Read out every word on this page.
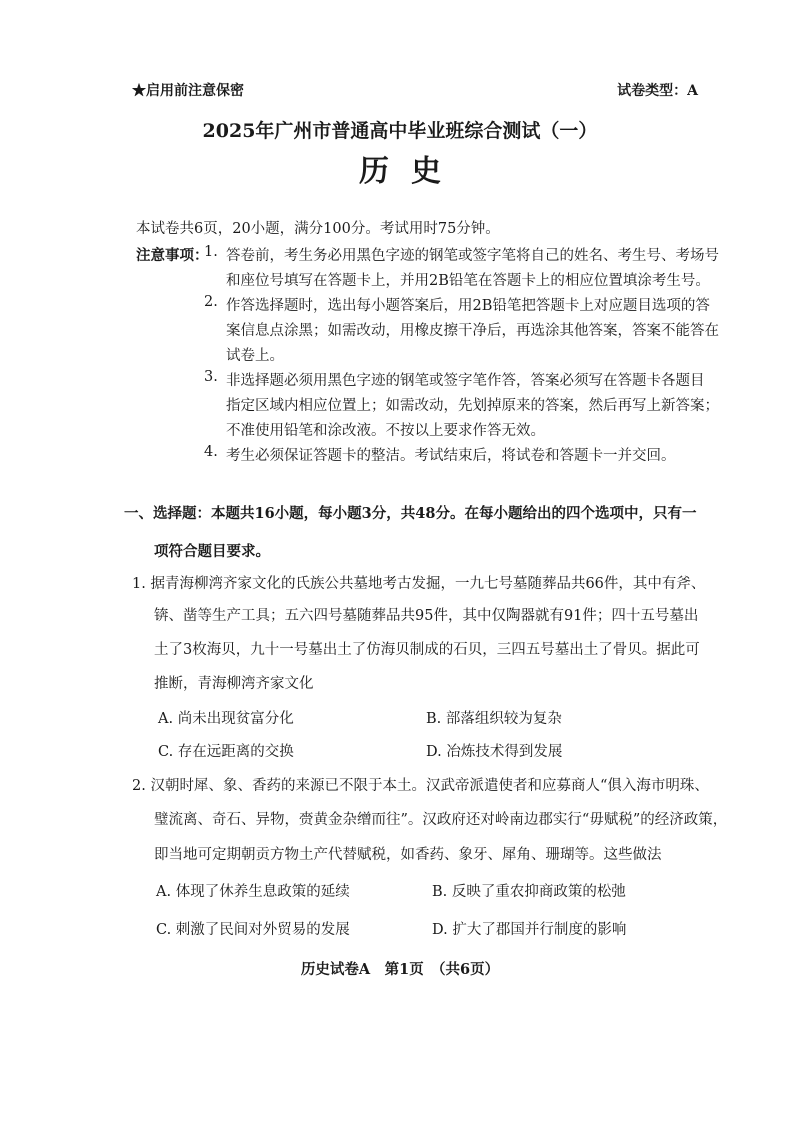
★启用前注意保密	试卷类型：A
2025年广州市普通高中毕业班综合测试（一）
历史
本试卷共6页，20小题，满分100分。考试用时75分钟。
注意事项：
1. 答卷前，考生务必用黑色字迹的钢笔或签字笔将自己的姓名、考生号、考场号
和座位号填写在答题卡上，并用2B铅笔在答题卡上的相应位置填涂考生号。
2. 作答选择题时，选出每小题答案后，用2B铅笔把答题卡上对应题目选项的答
案信息点涂黑；如需改动，用橡皮擦干净后，再选涂其他答案，答案不能答在
试卷上。
3. 非选择题必须用黑色字迹的钢笔或签字笔作答，答案必须写在答题卡各题目
指定区域内相应位置上；如需改动，先划掉原来的答案，然后再写上新答案；
不准使用铅笔和涂改液。不按以上要求作答无效。
4. 考生必须保证答题卡的整洁。考试结束后，将试卷和答题卡一并交回。
一、选择题：本题共16小题，每小题3分，共48分。在每小题给出的四个选项中，只有一
项符合题目要求。
1. 据青海柳湾齐家文化的氏族公共墓地考古发掘，一九七号墓随葬品共66件，其中有斧、
锛、凿等生产工具；五六四号墓随葬品共95件，其中仅陶器就有91件；四十五号墓出
土了3枚海贝，九十一号墓出土了仿海贝制成的石贝，三四五号墓出土了骨贝。据此可
推断，青海柳湾齐家文化
A. 尚未出现贫富分化	B. 部落组织较为复杂
C. 存在远距离的交换	D. 冶炼技术得到发展
2. 汉朝时犀、象、香药的来源已不限于本土。汉武帝派遣使者和应募商人“俱入海市明珠、
璧流离、奇石、异物，赍黄金杂缯而往”。汉政府还对岭南边郡实行“毋赋税”的经济政策，
即当地可定期朝贡方物土产代替赋税，如香药、象牙、犀角、珊瑚等。这些做法
A. 体现了休养生息政策的延续	B. 反映了重农抑商政策的松弛
C. 刺激了民间对外贸易的发展	D. 扩大了郡国并行制度的影响
历史试卷A　第1页　（共6页）
